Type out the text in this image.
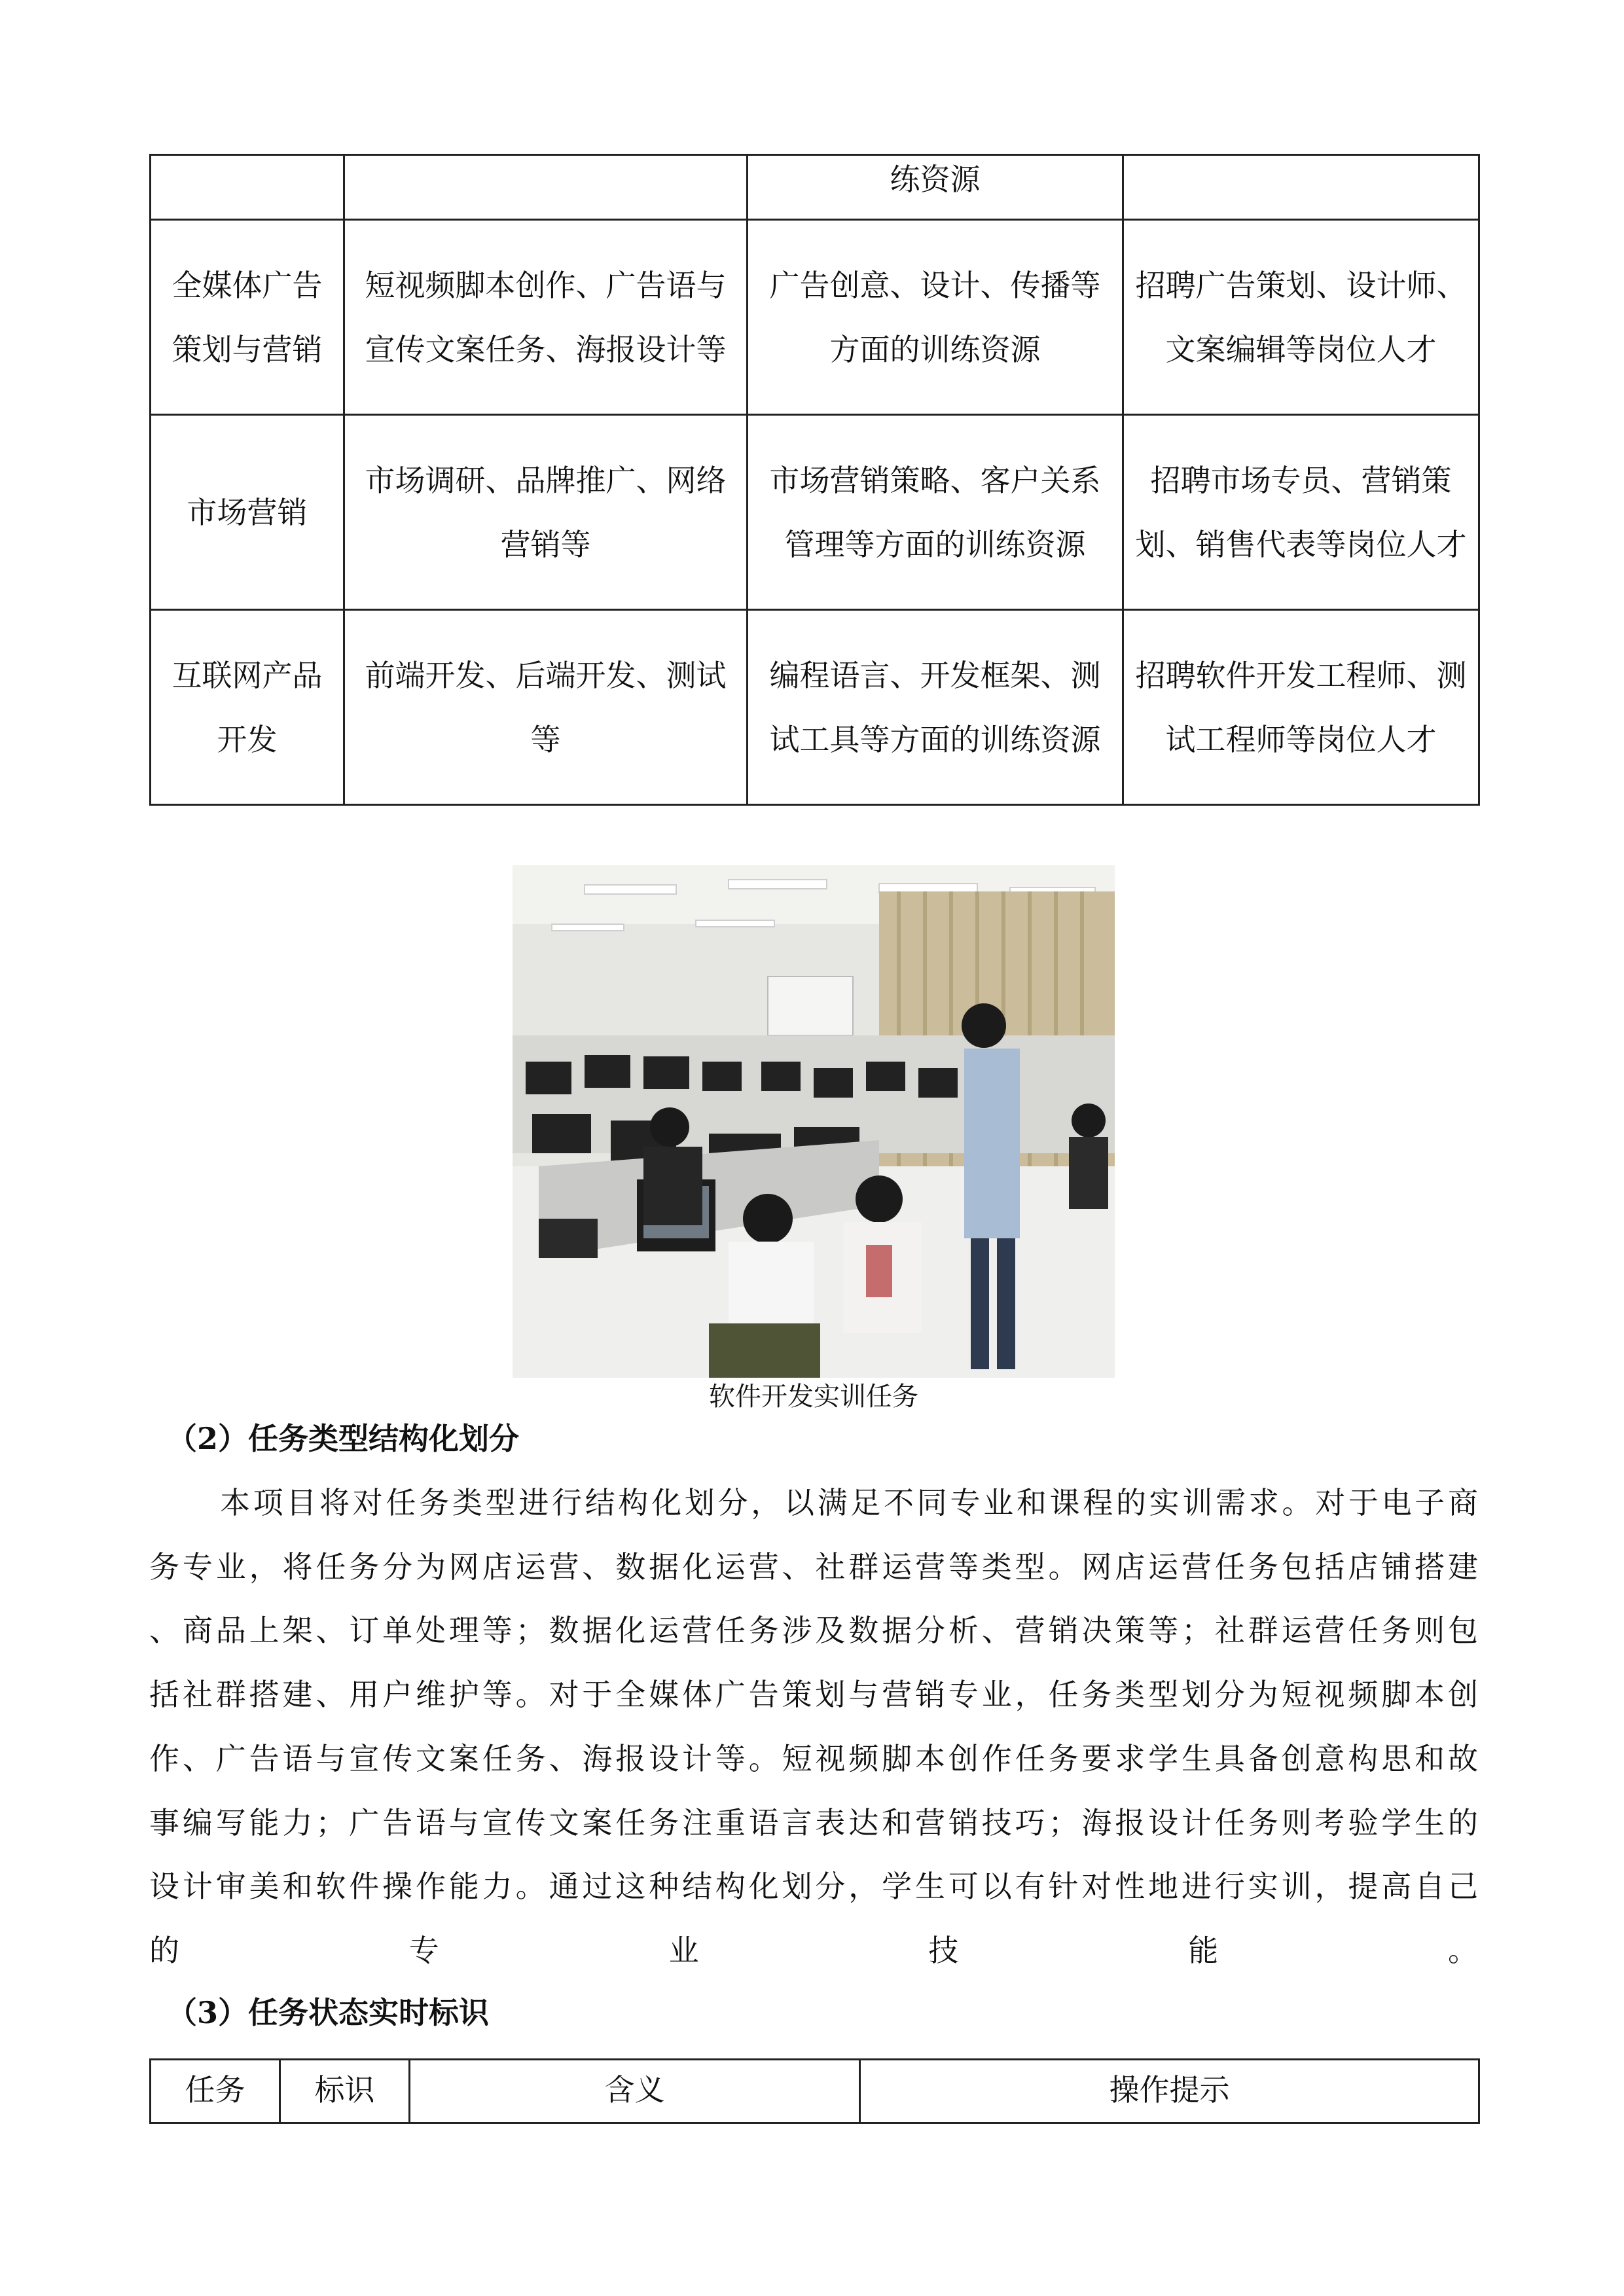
		练资源	
全媒体广告策划与营销	短视频脚本创作、广告语与宣传文案任务、海报设计等	广告创意、设计、传播等方面的训练资源	招聘广告策划、设计师、文案编辑等岗位人才
市场营销	市场调研、品牌推广、网络营销等	市场营销策略、客户关系管理等方面的训练资源	招聘市场专员、营销策划、销售代表等岗位人才
互联网产品开发	前端开发、后端开发、测试等	编程语言、开发框架、测试工具等方面的训练资源	招聘软件开发工程师、测试工程师等岗位人才
软件开发实训任务
（2）任务类型结构化划分
本项目将对任务类型进行结构化划分，以满足不同专业和课程的实训需求。对于电子商
务专业，将任务分为网店运营、数据化运营、社群运营等类型。网店运营任务包括店铺搭建
、商品上架、订单处理等；数据化运营任务涉及数据分析、营销决策等；社群运营任务则包
括社群搭建、用户维护等。对于全媒体广告策划与营销专业，任务类型划分为短视频脚本创
作、广告语与宣传文案任务、海报设计等。短视频脚本创作任务要求学生具备创意构思和故
事编写能力；广告语与宣传文案任务注重语言表达和营销技巧；海报设计任务则考验学生的
设计审美和软件操作能力。通过这种结构化划分，学生可以有针对性地进行实训，提高自己
的专业技能。
（3）任务状态实时标识
任务	标识	含义	操作提示
